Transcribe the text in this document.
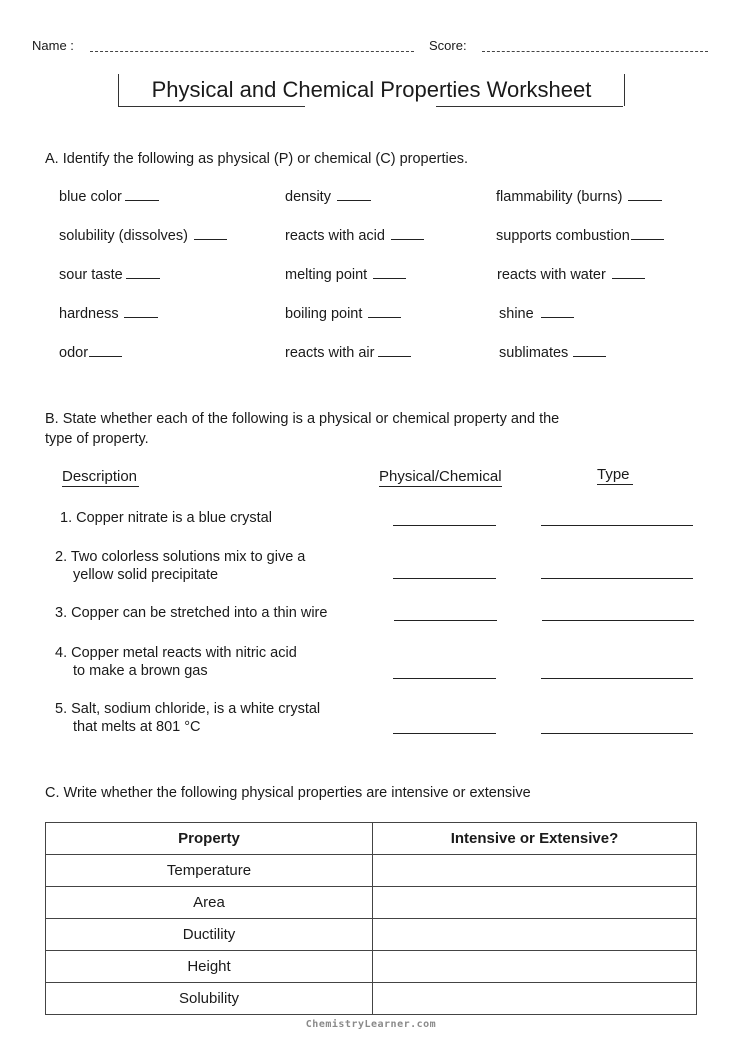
Name :	Score:
Physical and Chemical Properties Worksheet
A. Identify the following as physical (P) or chemical (C) properties.
blue color	density	flammability (burns)
solubility (dissolves)	reacts with acid	supports combustion
sour taste	melting point	reacts with water
hardness	boiling point	shine
odor	reacts with air	sublimates
B. State whether each of the following is a physical or chemical property and the
type of property.
Description	Physical/Chemical	Type
1. Copper nitrate is a blue crystal
2. Two colorless solutions mix to give a
yellow solid precipitate
3. Copper can be stretched into a thin wire
4. Copper metal reacts with nitric acid
to make a brown gas
5. Salt, sodium chloride, is a white crystal
that melts at 801 °C
C. Write whether the following physical properties are intensive or extensive
Property	Intensive or Extensive?
Temperature	
Area	
Ductility	
Height	
Solubility	
ChemistryLearner.com
